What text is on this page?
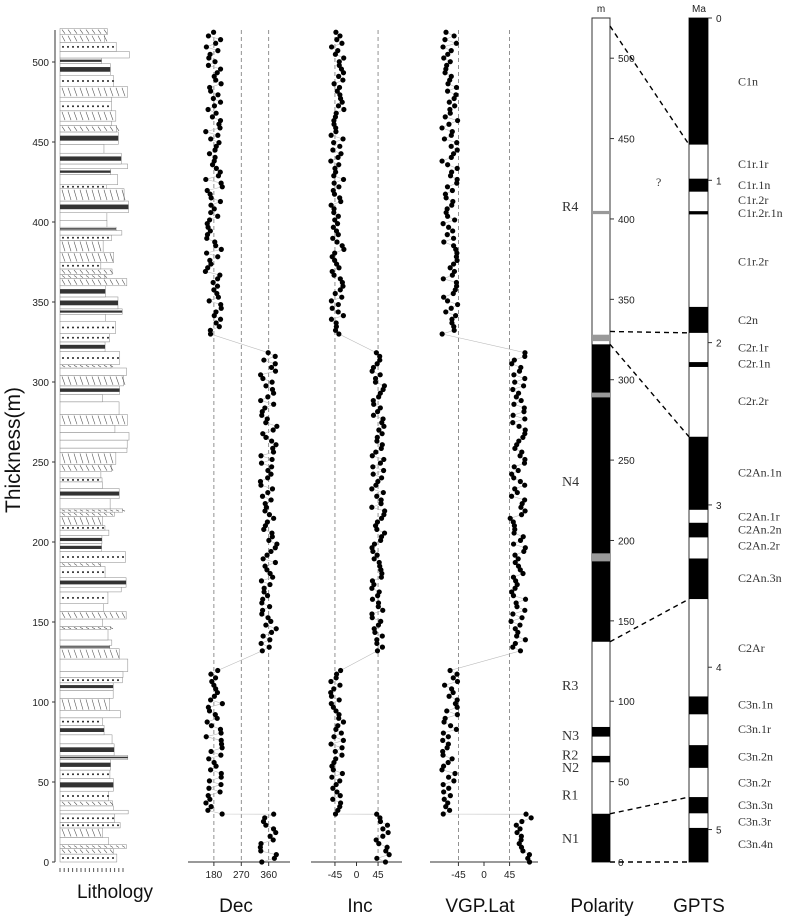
0
50
100
150
200
250
300
350
400
450
500
180 270 360	-45 0 45	-45 0 45
0
50
100
150
200
250
300
350
400
450
500
N1
R1
N2
R2
N3
R3
N4
R4
0
1
2
3
4
5
C1n
C1r.1r
C1r.1n
C1r.2r
C1r.2r.1n
C1r.2r
C2n
C2r.1r
C2r.1n
C2r.2r
C2An.1n
C2An.1r
C2An.2n
C2An.2r
C2An.3n
C2Ar
C3n.1n
C3n.1r
C3n.2n
C3n.2r
C3n.3n
C3n.3r
C3n.4n
Thickness(m)
Lithology
Dec	Inc	VGP.Lat	Polarity GPTS
m	Ma
?
